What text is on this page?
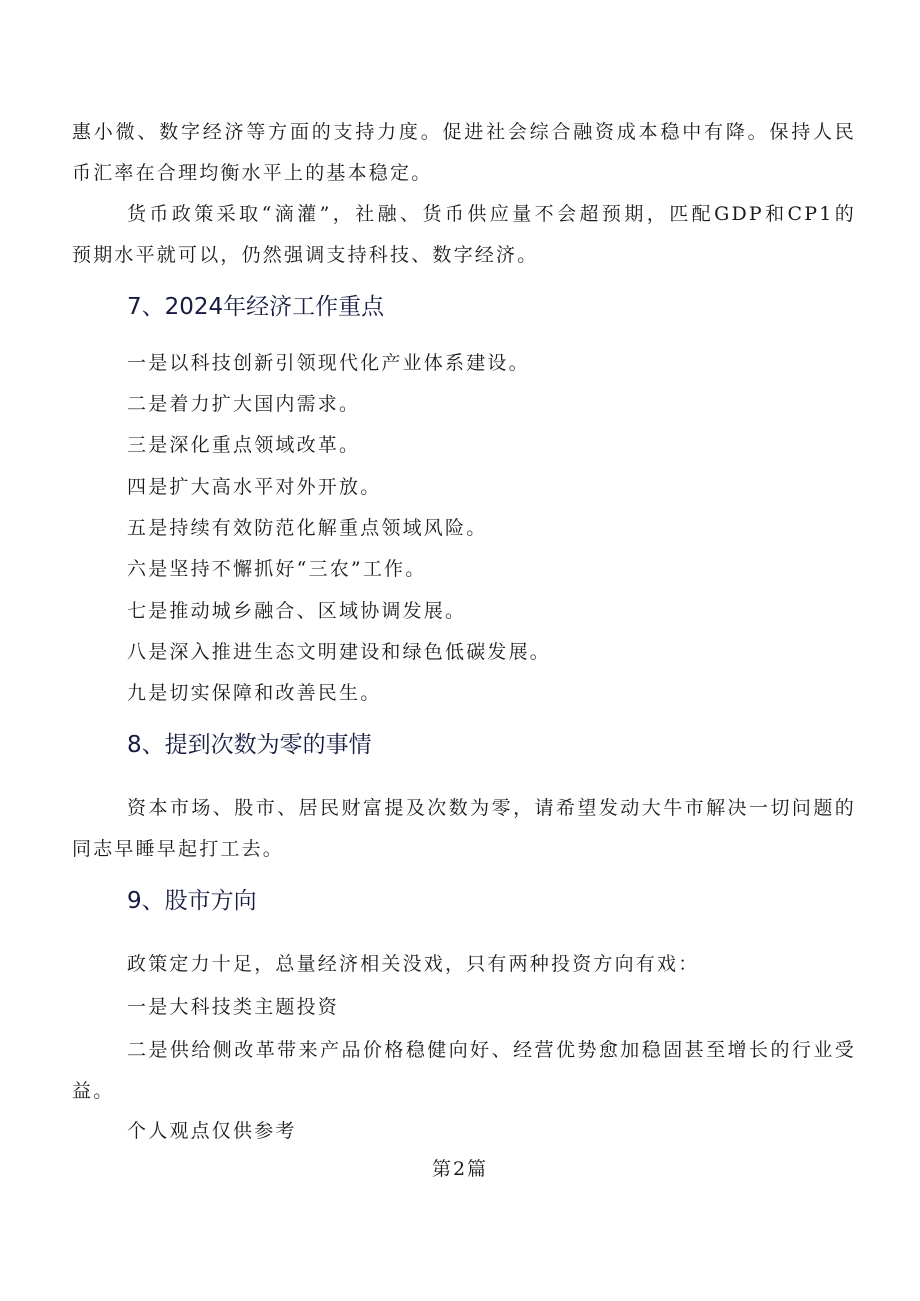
惠小微、数字经济等方面的支持力度。促进社会综合融资成本稳中有降。保持人民
币汇率在合理均衡水平上的基本稳定。
货币政策采取“滴灌”，社融、货币供应量不会超预期，匹配GDP和CP1的
预期水平就可以，仍然强调支持科技、数字经济。
7、2024年经济工作重点
一是以科技创新引领现代化产业体系建设。
二是着力扩大国内需求。
三是深化重点领域改革。
四是扩大高水平对外开放。
五是持续有效防范化解重点领域风险。
六是坚持不懈抓好“三农”工作。
七是推动城乡融合、区域协调发展。
八是深入推进生态文明建设和绿色低碳发展。
九是切实保障和改善民生。
8、提到次数为零的事情
资本市场、股市、居民财富提及次数为零，请希望发动大牛市解决一切问题的
同志早睡早起打工去。
9、股市方向
政策定力十足，总量经济相关没戏，只有两种投资方向有戏：
一是大科技类主题投资
二是供给侧改革带来产品价格稳健向好、经营优势愈加稳固甚至增长的行业受
益。
个人观点仅供参考
第2篇
